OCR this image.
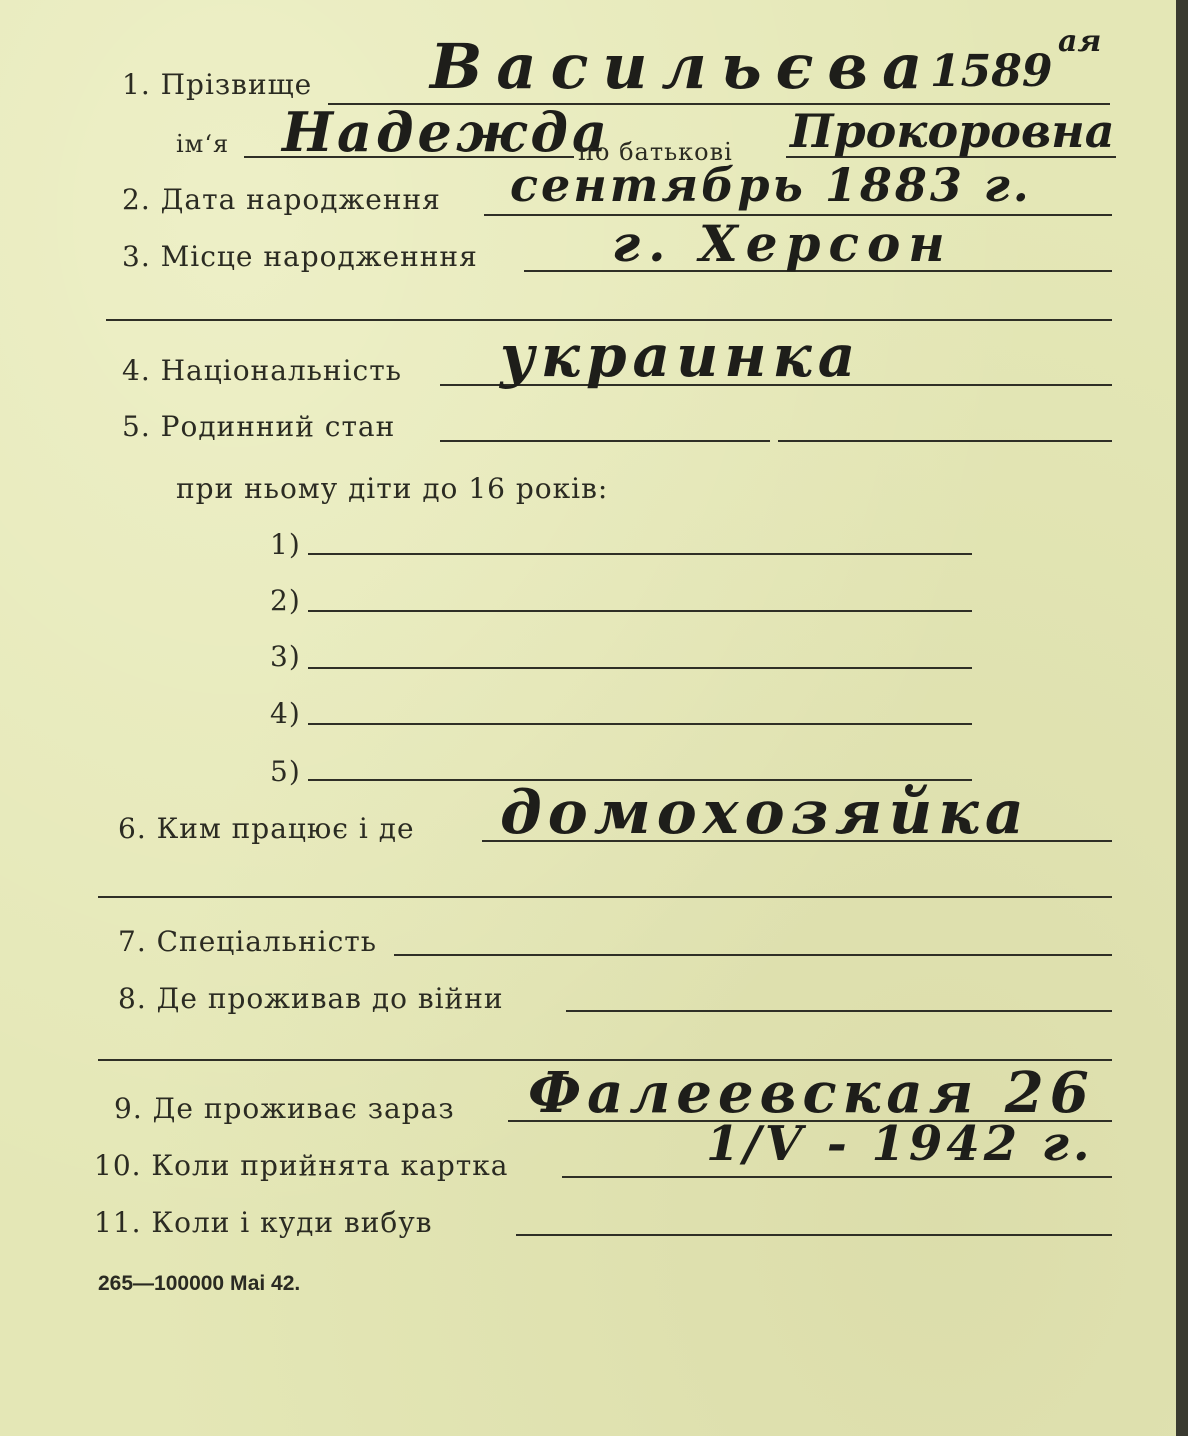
1. Прізвище Васильєва
1589
ая
ім‘я Надежда
по батькові Прокоровна
2. Дата народження сентябрь 1883 г.
3. Місце народженння	г. Херсон
4. Національність украинка
5. Родинний стан
при ньому діти до 16 років:
1)
2)
3)
4)
5)
6. Ким працює і де домохозяйка
7. Спеціальність
8. Де проживав до війни
9. Де проживає зараз Фалеевская 26
10. Коли прийнята картка	1/V - 1942 г.
11. Коли і куди вибув
265—100000 Маі 42.
